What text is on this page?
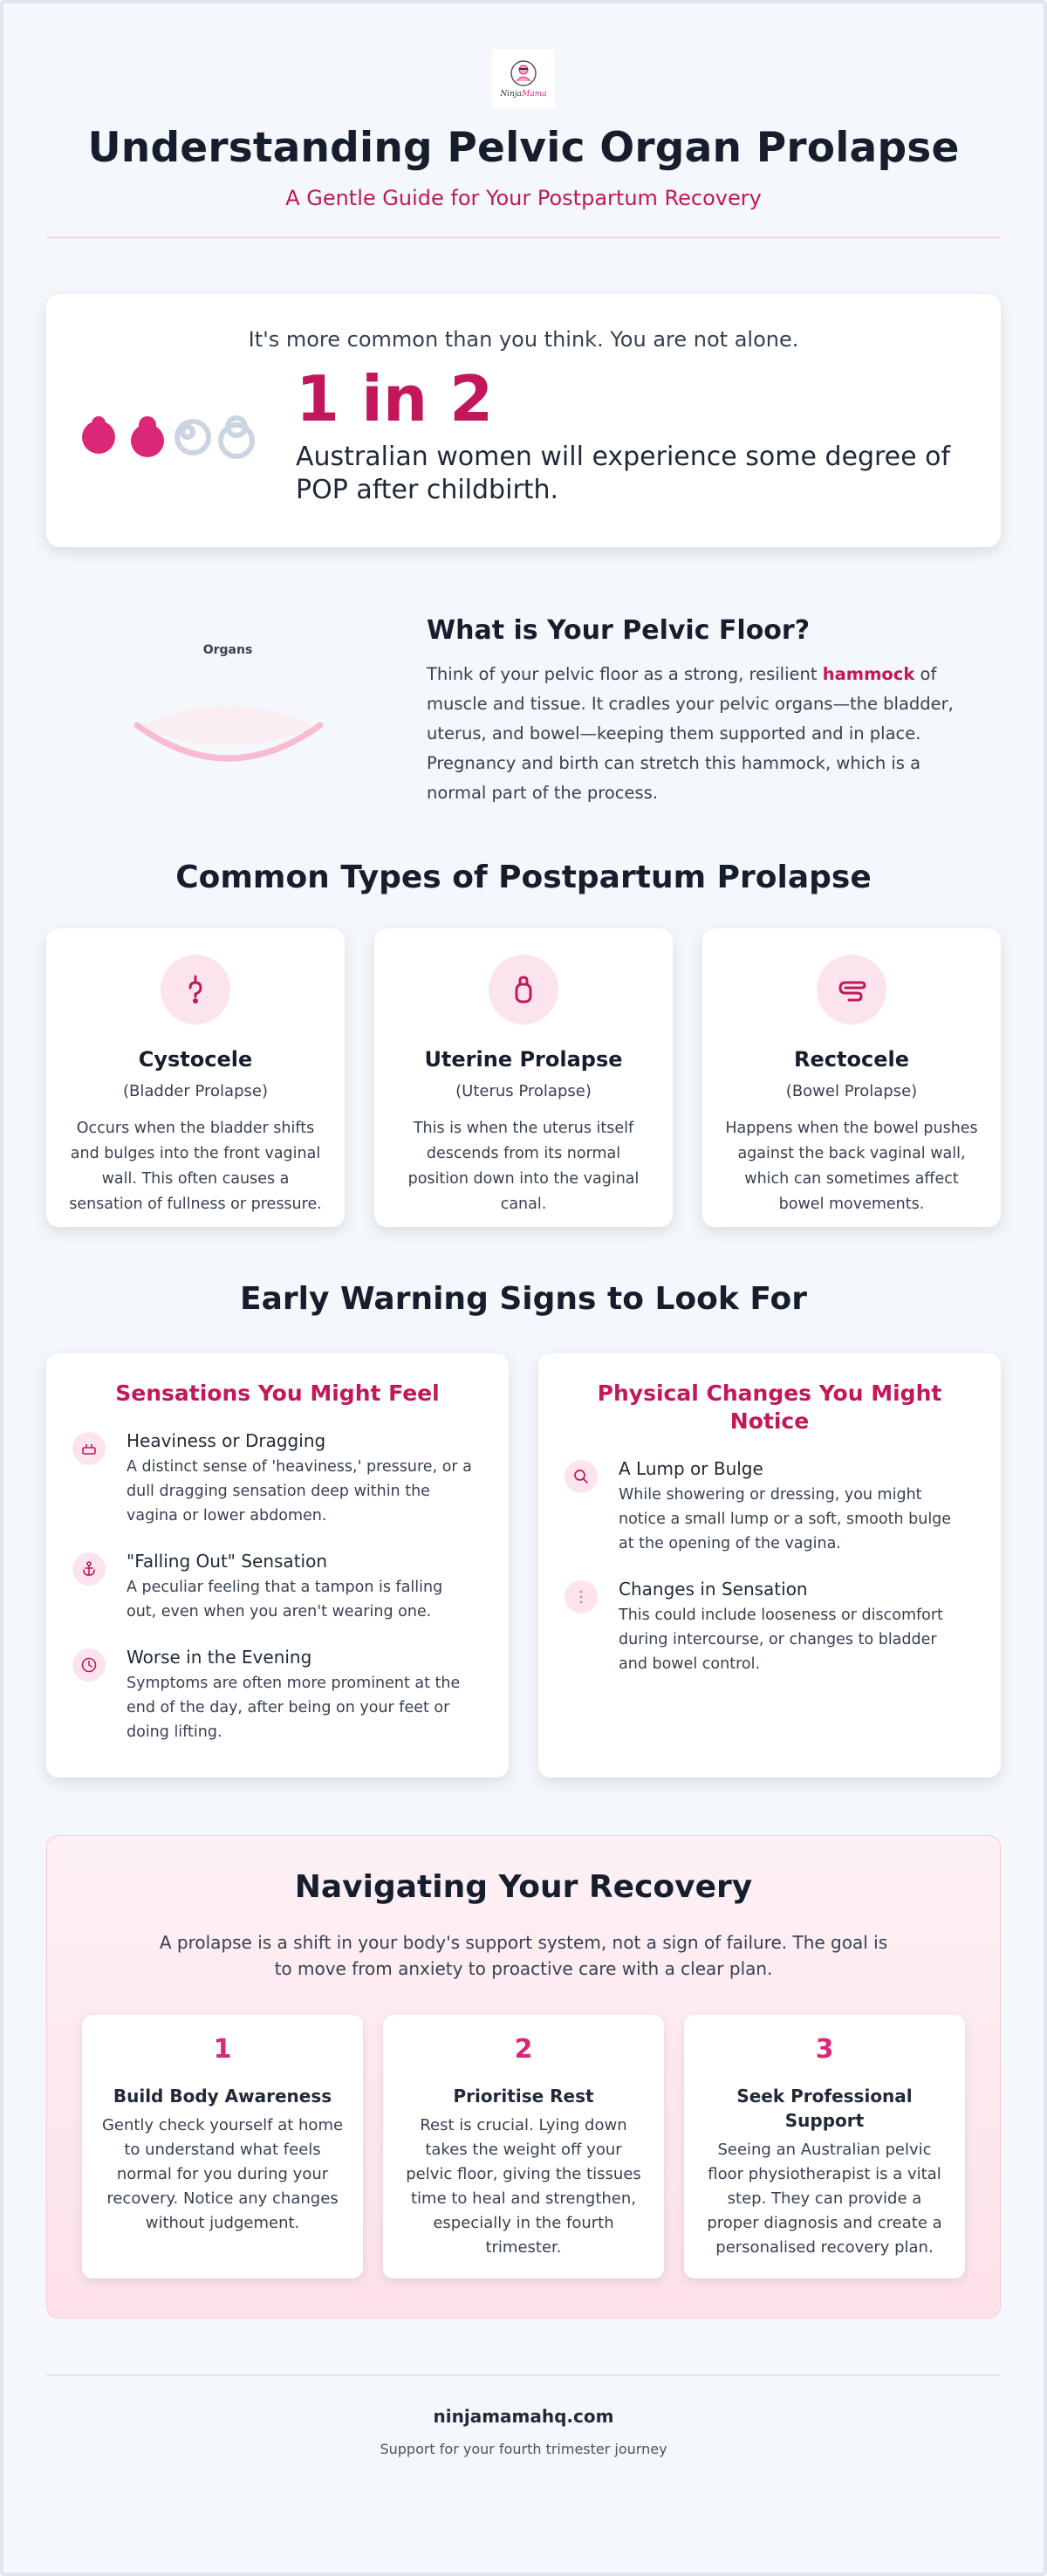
NinjaMama
Understanding Pelvic Organ Prolapse
A Gentle Guide for Your Postpartum Recovery
It's more common than you think. You are not alone.
1 in 2
Australian women will experience some degree of POP after childbirth.
Organs
What is Your Pelvic Floor?

Think of your pelvic floor as a strong, resilient hammock of muscle and tissue. It cradles your pelvic organs—the bladder, uterus, and bowel—keeping them supported and in place. Pregnancy and birth can stretch this hammock, which is a normal part of the process.

Common Types of Postpartum Prolapse
Cystocele
(Bladder Prolapse)
Occurs when the bladder shifts and bulges into the front vaginal wall. This often causes a sensation of fullness or pressure.
Uterine Prolapse
(Uterus Prolapse)
This is when the uterus itself descends from its normal position down into the vaginal canal.
Rectocele
(Bowel Prolapse)
Happens when the bowel pushes against the back vaginal wall, which can sometimes affect bowel movements.
Early Warning Signs to Look For
Sensations You Might Feel
Heaviness or Dragging
A distinct sense of 'heaviness,' pressure, or a dull dragging sensation deep within the vagina or lower abdomen.
"Falling Out" Sensation
A peculiar feeling that a tampon is falling out, even when you aren't wearing one.
Worse in the Evening
Symptoms are often more prominent at the end of the day, after being on your feet or doing lifting.
Physical Changes You Might Notice
A Lump or Bulge
While showering or dressing, you might notice a small lump or a soft, smooth bulge at the opening of the vagina.
Changes in Sensation
This could include looseness or discomfort during intercourse, or changes to bladder and bowel control.
Navigating Your Recovery

A prolapse is a shift in your body's support system, not a sign of failure. The goal is to move from anxiety to proactive care with a clear plan.

1
Build Body Awareness
Gently check yourself at home to understand what feels normal for you during your recovery. Notice any changes without judgement.
2
Prioritise Rest
Rest is crucial. Lying down takes the weight off your pelvic floor, giving the tissues time to heal and strengthen, especially in the fourth trimester.
3
Seek Professional Support
Seeing an Australian pelvic floor physiotherapist is a vital step. They can provide a proper diagnosis and create a personalised recovery plan.
ninjamamahq.com
Support for your fourth trimester journey
